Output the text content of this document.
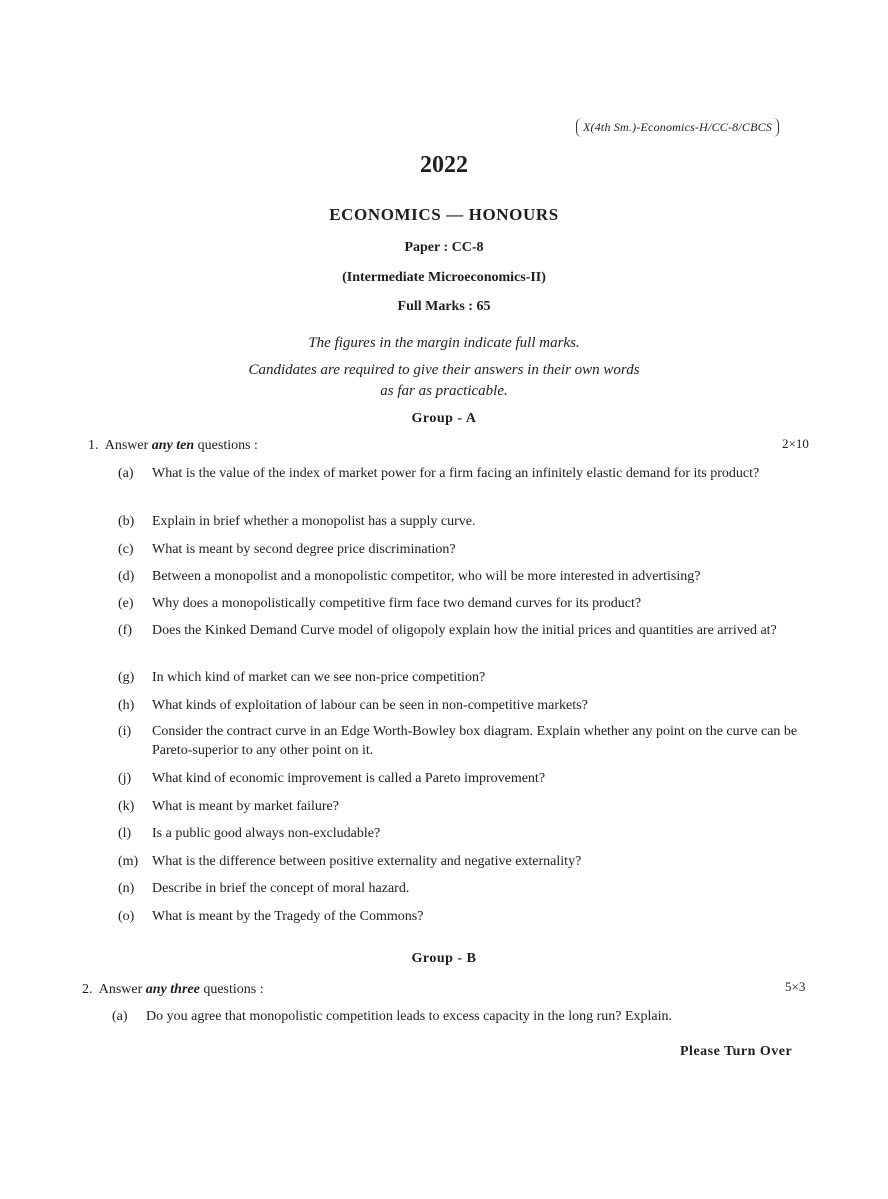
X(4th Sm.)-Economics-H/CC-8/CBCS
2022
ECONOMICS — HONOURS
Paper : CC-8
(Intermediate Microeconomics-II)
Full Marks : 65
The figures in the margin indicate full marks.
Candidates are required to give their answers in their own words
as far as practicable.
Group - A
1. Answer any ten questions :	2×10
(a)	What is the value of the index of market power for a firm facing an infinitely elastic demand for its product?
(b)	Explain in brief whether a monopolist has a supply curve.
(c)	What is meant by second degree price discrimination?
(d)	Between a monopolist and a monopolistic competitor, who will be more interested in advertising?
(e)	Why does a monopolistically competitive firm face two demand curves for its product?
(f)	Does the Kinked Demand Curve model of oligopoly explain how the initial prices and quantities are arrived at?
(g)	In which kind of market can we see non-price competition?
(h)	What kinds of exploitation of labour can be seen in non-competitive markets?
(i)	Consider the contract curve in an Edge Worth-Bowley box diagram. Explain whether any point on the curve can be Pareto-superior to any other point on it.
(j)	What kind of economic improvement is called a Pareto improvement?
(k)	What is meant by market failure?
(l)	Is a public good always non-excludable?
(m) What is the difference between positive externality and negative externality?
(n)	Describe in brief the concept of moral hazard.
(o)	What is meant by the Tragedy of the Commons?
Group - B
2. Answer any three questions :	5×3
(a)	Do you agree that monopolistic competition leads to excess capacity in the long run? Explain.
Please Turn Over
